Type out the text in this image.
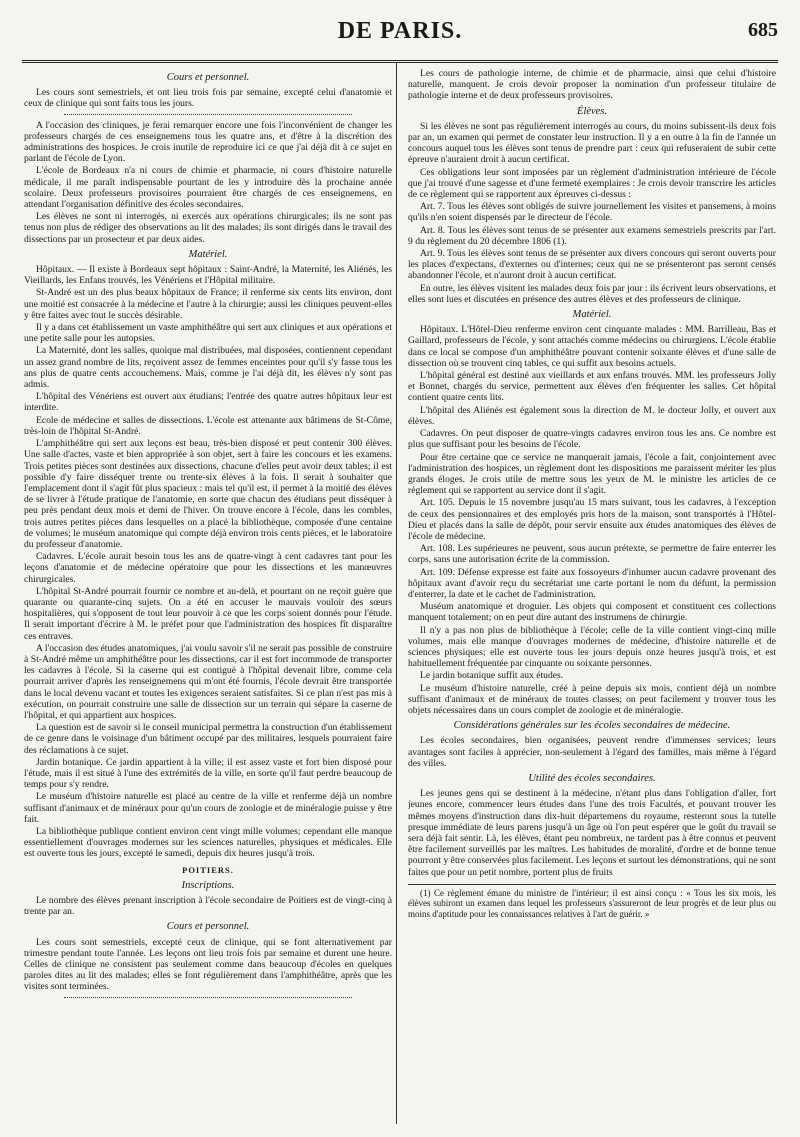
DE PARIS.	685
Cours et personnel.

Les cours sont semestriels, et ont lieu trois fois par semaine, excepté celui d'anatomie et ceux de clinique qui sont faits tous les jours.

A l'occasion des cliniques, je ferai remarquer encore une fois l'inconvénient de changer les professeurs chargés de ces enseignemens tous les quatre ans, et d'être à la discrétion des administrations des hospices. Je crois inutile de reproduire ici ce que j'ai déjà dit à ce sujet en parlant de l'école de Lyon.

L'école de Bordeaux n'a ni cours de chimie et pharmacie, ni cours d'histoire naturelle médicale, il me paraît indispensable pourtant de les y introduire dès la prochaine année scolaire. Deux professeurs provisoires pourraient être chargés de ces enseignemens, en attendant l'organisation définitive des écoles secondaires.

Les élèves ne sont ni interrogés, ni exercés aux opérations chirurgicales; ils ne sont pas tenus non plus de rédiger des observations au lit des malades; ils sont dirigés dans le travail des dissections par un prosecteur et par deux aides.

Matériel.

Hôpitaux. — Il existe à Bordeaux sept hôpitaux : Saint-André, la Maternité, les Aliénés, les Vieillards, les Enfans trouvés, les Vénériens et l'Hôpital militaire.

St-André est un des plus beaux hôpitaux de France; il renferme six cents lits environ, dont une moitié est consacrée à la médecine et l'autre à la chirurgie; aussi les cliniques peuvent-elles y être faites avec tout le succès désirable.

Il y a dans cet établissement un vaste amphithéâtre qui sert aux cliniques et aux opérations et une petite salle pour les autopsies.

La Maternité, dont les salles, quoique mal distribuées, mal disposées, contiennent cependant un assez grand nombre de lits, reçoivent assez de femmes enceintes pour qu'il s'y fasse tous les ans plus de quatre cents accouchemens. Mais, comme je l'ai déjà dit, les élèves n'y sont pas admis.

L'hôpital des Vénériens est ouvert aux étudians; l'entrée des quatre autres hôpitaux leur est interdite.

Ecole de médecine et salles de dissections. L'école est attenante aux bâtimens de St-Côme, très-loin de l'hôpital St-André.

L'amphithéâtre qui sert aux leçons est beau, très-bien disposé et peut contenir 300 élèves. Une salle d'actes, vaste et bien appropriée à son objet, sert à faire les concours et les examens. Trois petites pièces sont destinées aux dissections, chacune d'elles peut avoir deux tables; il est possible d'y faire disséquer trente ou trente-six élèves à la fois. Il serait à souhaiter que l'emplacement dont il s'agit fût plus spacieux : mais tel qu'il est, il permet à la moitié des élèves de se livrer à l'étude pratique de l'anatomie, en sorte que chacun des étudians peut disséquer à peu près pendant deux mois et demi de l'hiver. On trouve encore à l'école, dans les combles, trois autres petites pièces dans lesquelles on a placé la bibliothèque, composée d'une centaine de volumes; le muséum anatomique qui compte déjà environ trois cents pièces, et le laboratoire du professeur d'anatomie.

Cadavres. L'école aurait besoin tous les ans de quatre-vingt à cent cadavres tant pour les leçons d'anatomie et de médecine opératoire que pour les dissections et les manœuvres chirurgicales.

L'hôpital St-André pourrait fournir ce nombre et au-delà, et pourtant on ne reçoit guère que quarante ou quarante-cinq sujets. On a été en accuser le mauvais vouloir des sœurs hospitalières, qui s'opposent de tout leur pouvoir à ce que les corps soient donnés pour l'étude. Il serait important d'écrire à M. le préfet pour que l'administration des hospices fît disparaître ces entraves.

A l'occasion des études anatomiques, j'ai voulu savoir s'il ne serait pas possible de construire à St-André même un amphithéâtre pour les dissections, car il est fort incommode de transporter les cadavres à l'école. Si la caserne qui est contiguë à l'hôpital devenait libre, comme cela pourrait arriver d'après les renseignemens qui m'ont été fournis, l'école devrait être transportée dans le local devenu vacant et toutes les exigences seraient satisfaites. Si ce plan n'est pas mis à exécution, on pourrait construire une salle de dissection sur un terrain qui sépare la caserne de l'hôpital, et qui appartient aux hospices.

La question est de savoir si le conseil municipal permettra la construction d'un établissement de ce genre dans le voisinage d'un bâtiment occupé par des militaires, lesquels pourraient faire des réclamations à ce sujet.

Jardin botanique. Ce jardin appartient à la ville; il est assez vaste et fort bien disposé pour l'étude, mais il est situé à l'une des extrémités de la ville, en sorte qu'il faut perdre beaucoup de temps pour s'y rendre.

Le muséum d'histoire naturelle est placé au centre de la ville et renferme déjà un nombre suffisant d'animaux et de minéraux pour qu'un cours de zoologie et de minéralogie puisse y être fait.

La bibliothèque publique contient environ cent vingt mille volumes; cependant elle manque essentiellement d'ouvrages modernes sur les sciences naturelles, physiques et médicales. Elle est ouverte tous les jours, excepté le samedi, depuis dix heures jusqu'à trois.

POITIERS.
Inscriptions.

Le nombre des élèves prenant inscription à l'école secondaire de Poitiers est de vingt-cinq à trente par an.

Cours et personnel.

Les cours sont semestriels, excepté ceux de clinique, qui se font alternativement par trimestre pendant toute l'année. Les leçons ont lieu trois fois par semaine et durent une heure. Celles de clinique ne consistent pas seulement comme dans beaucoup d'écoles en quelques paroles dites au lit des malades; elles se font régulièrement dans l'amphithéâtre, après que les visites sont terminées.

Les cours de pathologie interne, de chimie et de pharmacie, ainsi que celui d'histoire naturelle, manquent. Je crois devoir proposer la nomination d'un professeur titulaire de pathologie interne et de deux professeurs provisoires.

Élèves.

Si les élèves ne sont pas régulièrement interrogés au cours, du moins subissent-ils deux fois par an, un examen qui permet de constater leur instruction. Il y a en outre à la fin de l'année un concours auquel tous les élèves sont tenus de prendre part : ceux qui refuseraient de subir cette épreuve n'auraient droit à aucun certificat.

Ces obligations leur sont imposées par un règlement d'administration intérieure de l'école que j'ai trouvé d'une sagesse et d'une fermeté exemplaires : Je crois devoir transcrire les articles de ce règlement qui se rapportent aux épreuves ci-dessus :

Art. 7. Tous les élèves sont obligés de suivre journellement les visites et pansemens, à moins qu'ils n'en soient dispensés par le directeur de l'école.

Art. 8. Tous les élèves sont tenus de se présenter aux examens semestriels prescrits par l'art. 9 du règlement du 20 décembre 1806 (1).

Art. 9. Tous les élèves sont tenus de se présenter aux divers concours qui seront ouverts pour les places d'expectans, d'externes ou d'internes; ceux qui ne se présenteront pas seront censés abandonner l'école, et n'auront droit à aucun certificat.

En outre, les élèves visitent les malades deux fois par jour : ils écrivent leurs observations, et elles sont lues et discutées en présence des autres élèves et des professeurs de clinique.

Matériel.

Hôpitaux. L'Hôtel-Dieu renferme environ cent cinquante malades : MM. Barrilleau, Bas et Gaillard, professeurs de l'école, y sont attachés comme médecins ou chirurgiens. L'école établie dans ce local se compose d'un amphithéâtre pouvant contenir soixante élèves et d'une salle de dissection où se trouvent cinq tables, ce qui suffit aux besoins actuels.

L'hôpital général est destiné aux vieillards et aux enfans trouvés. MM. les professeurs Jolly et Bonnet, chargés du service, permettent aux élèves d'en fréquenter les salles. Cet hôpital contient quatre cents lits.

L'hôpital des Aliénés est également sous la direction de M. le docteur Jolly, et ouvert aux élèves.

Cadavres. On peut disposer de quatre-vingts cadavres environ tous les ans. Ce nombre est plus que suffisant pour les besoins de l'école.

Pour être certaine que ce service ne manquerait jamais, l'école a fait, conjointement avec l'administration des hospices, un règlement dont les dispositions me paraissent mériter les plus grands éloges. Je crois utile de mettre sous les yeux de M. le ministre les articles de ce règlement qui se rapportent au service dont il s'agit.

Art. 105. Depuis le 15 novembre jusqu'au 15 mars suivant, tous les cadavres, à l'exception de ceux des pensionnaires et des employés pris hors de la maison, sont transportés à l'Hôtel-Dieu et placés dans la salle de dépôt, pour servir ensuite aux études anatomiques des élèves de l'école de médecine.

Art. 108. Les supérieures ne peuvent, sous aucun prétexte, se permettre de faire enterrer les corps, sans une autorisation écrite de la commission.

Art. 109. Défense expresse est faite aux fossoyeurs d'inhumer aucun cadavre provenant des hôpitaux avant d'avoir reçu du secrétariat une carte portant le nom du défunt, la permission d'enterrer, la date et le cachet de l'administration.

Muséum anatomique et droguier. Les objets qui composent et constituent ces collections manquent totalement; on en peut dire autant des instrumens de chirurgie.

Il n'y a pas non plus de bibliothèque à l'école; celle de la ville contient vingt-cinq mille volumes, mais elle manque d'ouvrages modernes de médecine, d'histoire naturelle et de sciences physiques; elle est ouverte tous les jours depuis onze heures jusqu'à trois, et est habituellement fréquentée par cinquante ou soixante personnes.

Le jardin botanique suffit aux études.

Le muséum d'histoire naturelle, créé à peine depuis six mois, contient déjà un nombre suffisant d'animaux et de minéraux de toutes classes; on peut facilement y trouver tous les objets nécessaires dans un cours complet de zoologie et de minéralogie.

Considérations générales sur les écoles secondaires de médecine.

Les écoles secondaires, bien organisées, peuvent rendre d'immenses services; leurs avantages sont faciles à apprécier, non-seulement à l'égard des familles, mais même à l'égard des villes.

Utilité des écoles secondaires.

Les jeunes gens qui se destinent à la médecine, n'étant plus dans l'obligation d'aller, fort jeunes encore, commencer leurs études dans l'une des trois Facultés, et pouvant trouver les mêmes moyens d'instruction dans dix-huit départemens du royaume, resteront sous la tutelle presque immédiate de leurs parens jusqu'à un âge où l'on peut espérer que le goût du travail se sera déjà fait sentir. Là, les élèves, étant peu nombreux, ne tardent pas à être connus et peuvent être facilement surveillés par les maîtres. Les habitudes de moralité, d'ordre et de bonne tenue pourront y être conservées plus facilement. Les leçons et surtout les démonstrations, qui ne sont faites que pour un petit nombre, portent plus de fruits

(1) Ce règlement émane du ministre de l'intérieur; il est ainsi conçu : « Tous les six mois, les élèves subiront un examen dans lequel les professeurs s'assureront de leur progrès et de leur plus ou moins d'aptitude pour les connaissances relatives à l'art de guérir. »
